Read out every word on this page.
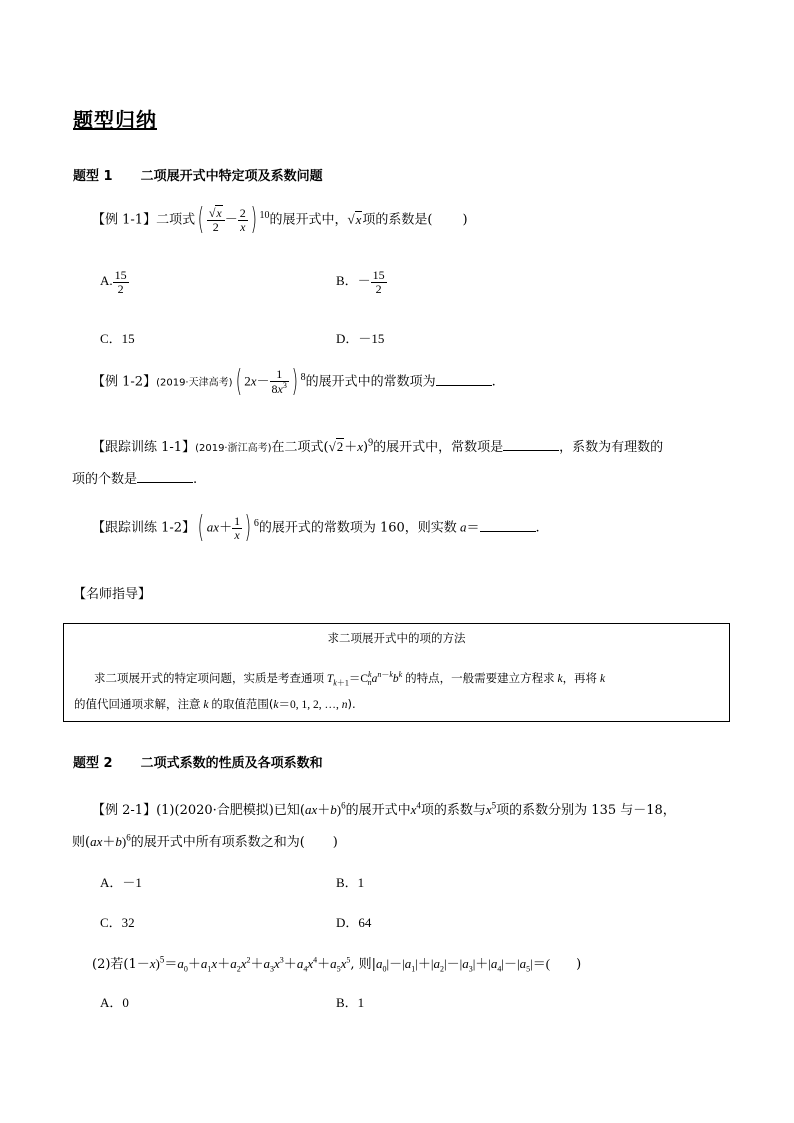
题型归纳
题型 1 二项展开式中特定项及系数问题
【例 1-1】二项式( $\frac{√x}{2} - \frac{2}{x}$ ) $^{10}$的展开式中，√x项的系数是( )
A. $\frac{15}{2}$	B．－ $\frac{15}{2}$
C．15	D．－15
【例 1-2】(2019·天津高考)( $2x- \frac{1}{8x^3}$ ) $^8$的展开式中的常数项为	.
【跟踪训练 1-1】(2019·浙江高考)在二项式$(√2+x)^9$的展开式中，常数项是	，系数为有理数的
项的个数是	.
【跟踪训练 1-2】( $ax+ \frac{1}{x}$ ) $^6$的展开式的常数项为 160，则实数 a＝	.
【名师指导】
求二项展开式中的项的方法
求二项展开式的特定项问题，实质是考查通项 $T_{k+1}=C^k_na^{n-k}b^k$ 的特点，一般需要建立方程求 k，再将 k
的值代回通项求解，注意 k 的取值范围(k＝0, 1, 2, …, n).
题型 2 二项式系数的性质及各项系数和
【例 2-1】(1)(2020·合肥模拟)已知$(ax+b)^6$的展开式中$x^4$项的系数与$x^5$项的系数分别为 135 与－18，
则$(ax+b)^6$的展开式中所有项系数之和为( )
A．－1	B．1
C．32	D．64
(2)若$(1-x)^5=a_0+a_1x+a_2x^2+a_3x^3+a_4x^4+a_5x^5$, 则$|a_0|-|a_1|+|a_2|-|a_3|+|a_4|-|a_5|=$( )
A．0	B．1
